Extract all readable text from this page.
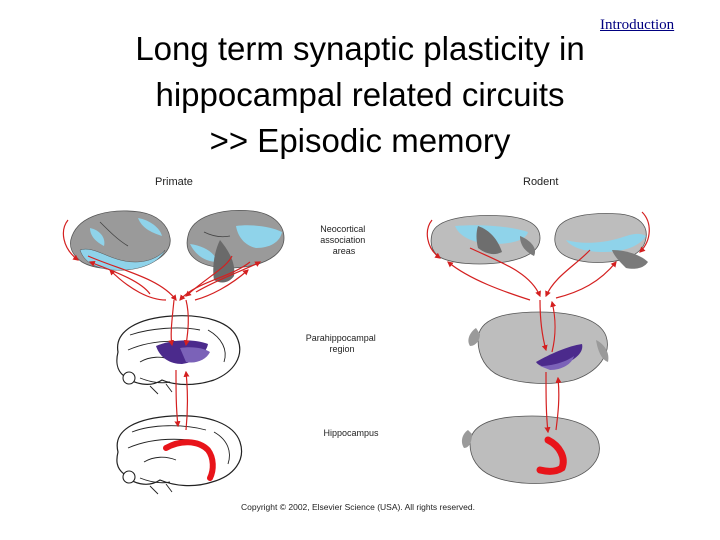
Introduction
Long term synaptic plasticity in
hippocampal related circuits
>> Episodic memory
Primate	Rodent
Neocortical association areas
Parahippocampal region
Hippocampus
Copyright © 2002, Elsevier Science (USA). All rights reserved.
